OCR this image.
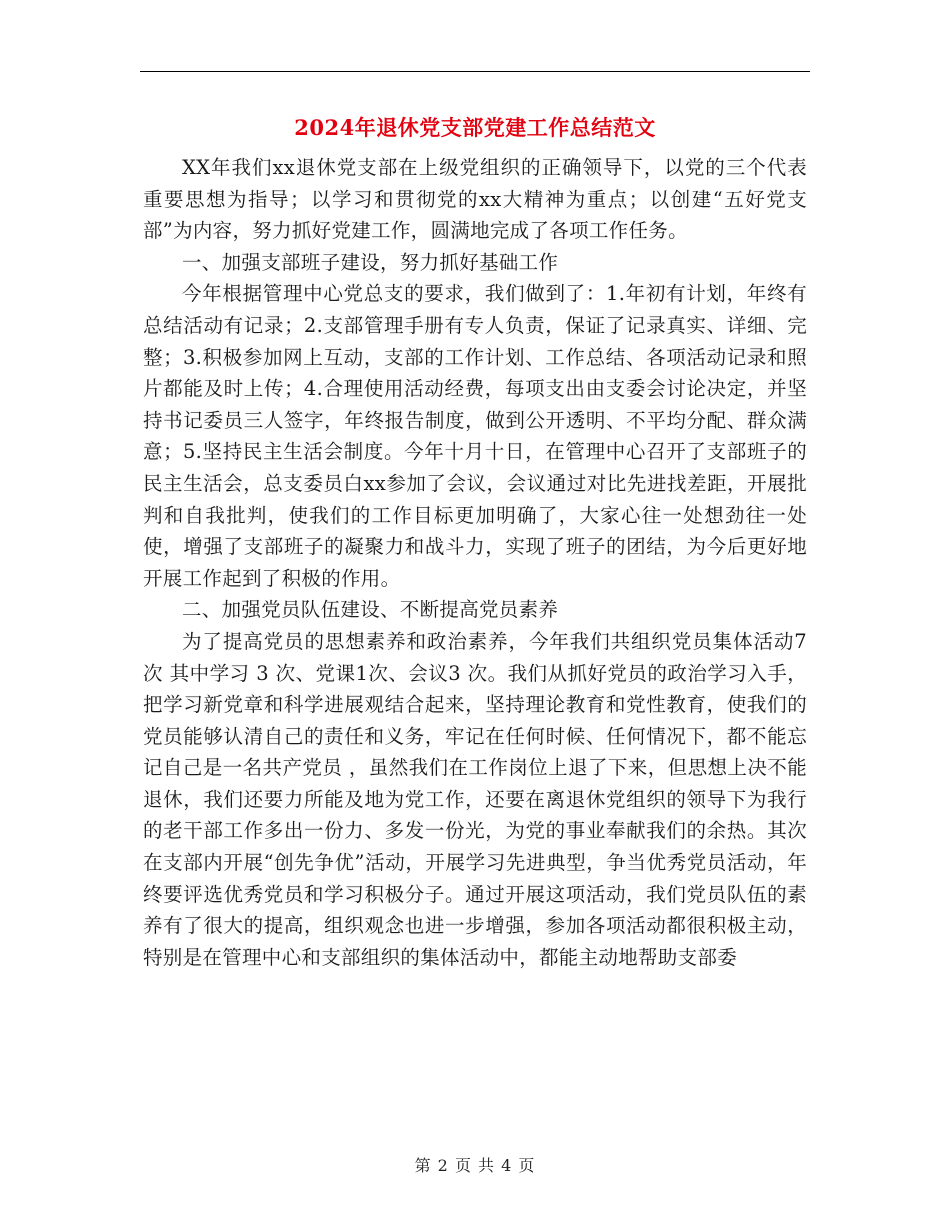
2024年退休党支部党建工作总结范文

XX年我们xx退休党支部在上级党组织的正确领导下，以党的三个代表重要思想为指导；以学习和贯彻党的xx大精神为重点；以创建“五好党支部”为内容，努力抓好党建工作，圆满地完成了各项工作任务。

一、加强支部班子建设，努力抓好基础工作

今年根据管理中心党总支的要求，我们做到了：1.年初有计划，年终有总结活动有记录；2.支部管理手册有专人负责，保证了记录真实、详细、完整；3.积极参加网上互动，支部的工作计划、工作总结、各项活动记录和照片都能及时上传；4.合理使用活动经费，每项支出由支委会讨论决定，并坚持书记委员三人签字，年终报告制度，做到公开透明、不平均分配、群众满意；5.坚持民主生活会制度。今年十月十日，在管理中心召开了支部班子的民主生活会，总支委员白xx参加了会议，会议通过对比先进找差距，开展批判和自我批判，使我们的工作目标更加明确了，大家心往一处想劲往一处使，增强了支部班子的凝聚力和战斗力，实现了班子的团结，为今后更好地开展工作起到了积极的作用。

二、加强党员队伍建设、不断提高党员素养

为了提高党员的思想素养和政治素养，今年我们共组织党员集体活动7次 其中学习 3 次、党课1次、会议3 次。我们从抓好党员的政治学习入手，把学习新党章和科学进展观结合起来，坚持理论教育和党性教育，使我们的党员能够认清自己的责任和义务，牢记在任何时候、任何情况下，都不能忘记自己是一名共产党员 ，虽然我们在工作岗位上退了下来，但思想上决不能退休，我们还要力所能及地为党工作，还要在离退休党组织的领导下为我行的老干部工作多出一份力、多发一份光，为党的事业奉献我们的余热。其次在支部内开展“创先争优”活动，开展学习先进典型，争当优秀党员活动，年终要评选优秀党员和学习积极分子。通过开展这项活动，我们党员队伍的素养有了很大的提高，组织观念也进一步增强，参加各项活动都很积极主动，特别是在管理中心和支部组织的集体活动中，都能主动地帮助支部委

第 2 页 共 4 页
